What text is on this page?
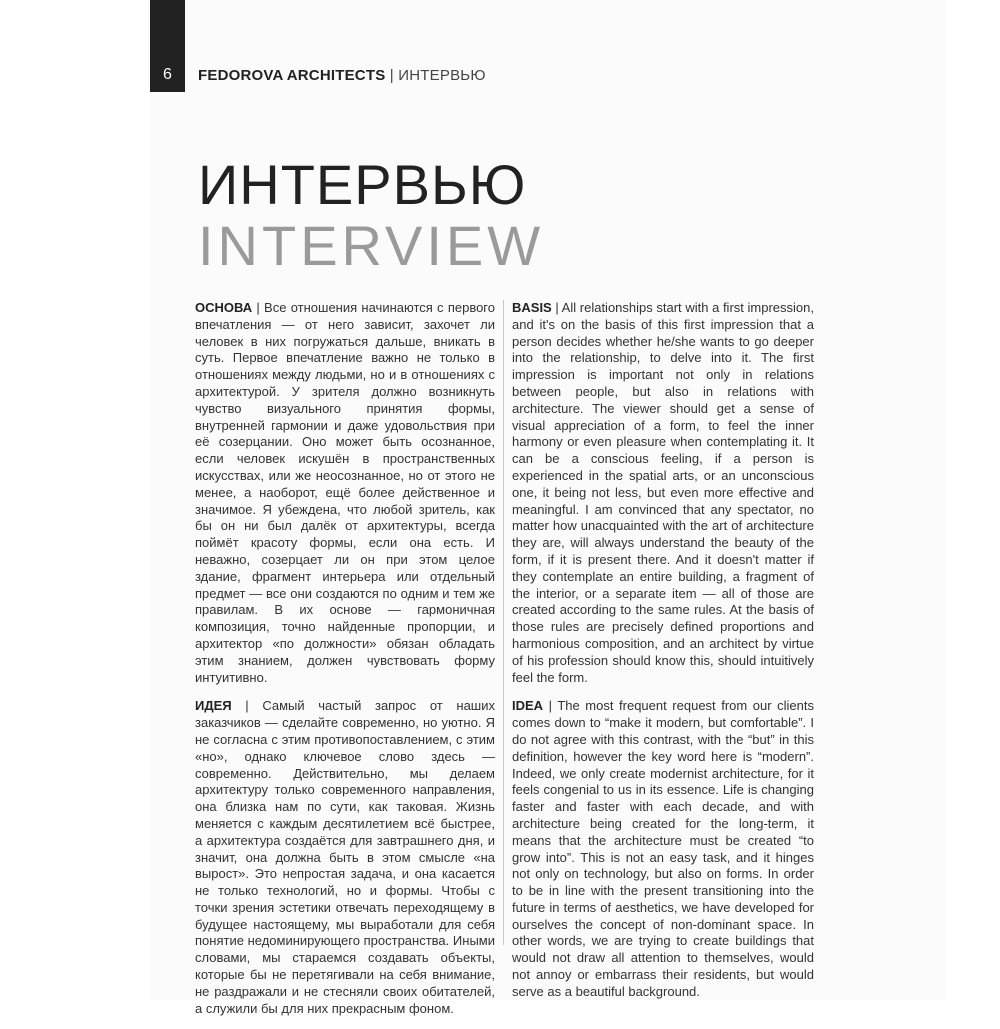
6	FEDOROVA ARCHITECTS | ИНТЕРВЬЮ
ИНТЕРВЬЮ
INTERVIEW

ОСНОВА | Все отношения начинаются с первого впечатления — от него зависит, захочет ли человек в них погружаться дальше, вникать в суть. Первое впечатление важно не только в отношениях между людьми, но и в отношениях с архитектурой. У зрителя должно возникнуть чувство визуального принятия формы, внутренней гармонии и даже удовольствия при её созерцании. Оно может быть осознанное, если человек искушён в пространственных искусствах, или же неосознанное, но от этого не менее, а наоборот, ещё более действенное и значимое. Я убеждена, что любой зритель, как бы он ни был далёк от архитектуры, всегда поймёт красоту формы, если она есть. И неважно, созерцает ли он при этом целое здание, фрагмент интерьера или отдельный предмет — все они создаются по одним и тем же правилам. В их основе — гармоничная композиция, точно найденные пропорции, и архитектор «по должности» обязан обладать этим знанием, должен чувствовать форму интуитивно.

ИДЕЯ | Самый частый запрос от наших заказчиков — сделайте современно, но уютно. Я не согласна с этим противопоставлением, с этим «но», однако ключевое слово здесь — современно. Действительно, мы делаем архитектуру только современного направления, она близка нам по сути, как таковая. Жизнь меняется с каждым десятилетием всё быстрее, а архитектура создаётся для завтрашнего дня, и значит, она должна быть в этом смысле «на вырост». Это непростая задача, и она касается не только технологий, но и формы. Чтобы с точки зрения эстетики отвечать переходящему в будущее настоящему, мы выработали для себя понятие недоминирующего пространства. Иными словами, мы стараемся создавать объекты, которые бы не перетягивали на себя внимание, не раздражали и не стесняли своих обитателей, а служили бы для них прекрасным фоном.

BASIS | All relationships start with a first impression, and it's on the basis of this first impression that a person decides whether he/she wants to go deeper into the relationship, to delve into it. The first impression is important not only in relations between people, but also in relations with architecture. The viewer should get a sense of visual appreciation of a form, to feel the inner harmony or even pleasure when contemplating it. It can be a conscious feeling, if a person is experienced in the spatial arts, or an unconscious one, it being not less, but even more effective and meaningful. I am convinced that any spectator, no matter how unacquainted with the art of architecture they are, will always understand the beauty of the form, if it is present there. And it doesn't matter if they contemplate an entire building, a fragment of the interior, or a separate item — all of those are created according to the same rules. At the basis of those rules are precisely defined proportions and harmonious composition, and an architect by virtue of his profession should know this, should intuitively feel the form.

IDEA | The most frequent request from our clients comes down to “make it modern, but comfortable”. I do not agree with this contrast, with the “but” in this definition, however the key word here is “modern”. Indeed, we only create modernist architecture, for it feels congenial to us in its essence. Life is changing faster and faster with each decade, and with architecture being created for the long-term, it means that the architecture must be created “to grow into”. This is not an easy task, and it hinges not only on technology, but also on forms. In order to be in line with the present transitioning into the future in terms of aesthetics, we have developed for ourselves the concept of non-dominant space. In other words, we are trying to create buildings that would not draw all attention to themselves, would not annoy or embarrass their residents, but would serve as a beautiful background.
